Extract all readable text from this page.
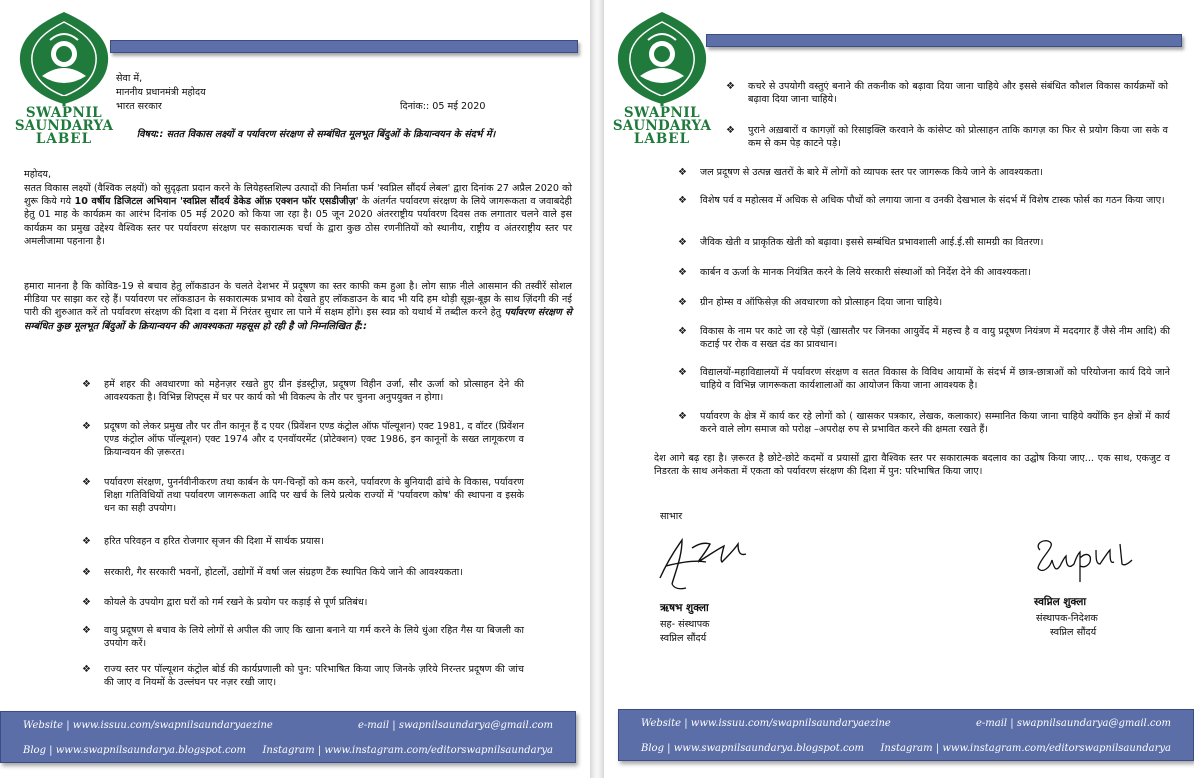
SWAPNIL
SAUNDARYA
LABEL
सेवा में,
माननीय प्रधानमंत्री महोदय
भारत सरकार	दिनांक:: 05 मई 2020
विषय:: सतत विकास लक्ष्यों व पर्यावरण संरक्षण से सम्बंधित मूलभूत बिंदुओं के क्रियान्वयन के संदर्भ में।
महोदय,
सतत विकास लक्ष्यों (वैश्विक लक्ष्यों) को सुदृढ़ता प्रदान करने के लियेहस्तशिल्प उत्पादों की निर्माता फर्म 'स्वप्निल सौंदर्य लेबल' द्वारा दिनांक 27 अप्रैल 2020 को शुरू किये गये 10 वर्षीय डिजिटल अभियान 'स्वप्निल सौंदर्य डेकेड ऑफ़ एक्शन फॉर एसडीजीज़' के अंतर्गत पर्यावरण संरक्षण के लिये जागरूकता व जवाबदेही हेतु 01 माह के कार्यक्रम का आरंभ दिनांक 05 मई 2020 को किया जा रहा है। 05 जून 2020 अंतरराष्ट्रीय पर्यावरण दिवस तक लगातार चलने वाले इस कार्यक्रम का प्रमुख उद्देश्य वैश्विक स्तर पर पर्यावरण संरक्षण पर सकारात्मक चर्चा के द्वारा कुछ ठोस रणनीतियों को स्थानीय, राष्ट्रीय व अंतरराष्ट्रीय स्तर पर अमलीजामा पहनाना है।
हमारा मानना है कि कोविड-19 से बचाव हेतु लॉकडाउन के चलते देशभर में प्रदूषण का स्तर काफी कम हुआ है। लोग साफ़ नीले आसमान की तस्वीरें सोशल मीडिया पर साझा कर रहे हैं। पर्यावरण पर लॉकडाउन के सकारात्मक प्रभाव को देखते हुए लॉकडाउन के बाद भी यदि हम थोड़ी सूझ-बूझ के साथ ज़िंदगी की नई पारी की शुरुआत करें तो पर्यावरण संरक्षण की दिशा व दशा में निरंतर सुधार ला पाने में सक्षम होंगे। इस स्वप्न को यथार्थ में तब्दील करने हेतु पर्यावरण संरक्षण से सम्बंधित कुछ मूलभूत बिंदुओं के क्रियान्वयन की आवश्यकता महसूस हो रही है जो निम्नलिखित हैं::
❖ हमें शहर की अवधारणा को महेनज़र रखते हुए ग्रीन इंडस्ट्रीज़, प्रदूषण विहीन उर्जा, सौर ऊर्जा को प्रोत्साहन देने की आवश्यकता है। विभिन्न शिफ्ट्स में घर पर कार्य को भी विकल्प के तौर पर चुनना अनुपयुक्त न होगा।
❖ प्रदूषण को लेकर प्रमुख तौर पर तीन कानून हैं द एयर (प्रिवेंशन एण्ड कंट्रोल ऑफ पॉल्यूशन) एक्ट 1981, द वॉटर (प्रिवेंशन एण्ड कंट्रोल ऑफ पॉल्यूशन) एक्ट 1974 और द एनवॉयरमेंट (प्रोटेक्शन) एक्ट 1986, इन कानूनों के सख्त लागूकरण व क्रियान्वयन की ज़रूरत।
❖ पर्यावरण संरक्षण, पुनर्नवीनीकरण तथा कार्बन के पग-चिन्हों को कम करने, पर्यावरण के बुनियादी ढांचे के विकास, पर्यावरण शिक्षा गतिविधियों तथा पर्यावरण जागरूकता आदि पर खर्च के लिये प्रत्येक राज्यों में 'पर्यावरण कोष' की स्थापना व इसके धन का सही उपयोग।
❖ हरित परिवहन व हरित रोजगार सृजन की दिशा में सार्थक प्रयास।
❖ सरकारी, गैर सरकारी भवनों, होटलों, उद्योगों में वर्षा जल संग्रहण टैंक स्थापित किये जाने की आवश्यकता।
❖ कोयले के उपयोग द्वारा घरों को गर्म रखने के प्रयोग पर कड़ाई से पूर्ण प्रतिबंध।
❖ वायु प्रदूषण से बचाव के लिये लोगों से अपील की जाए कि खाना बनाने या गर्म करने के लिये धुंआ रहित गैस या बिजली का उपयोग करें।
❖ राज्य स्तर पर पॉल्यूशन कंट्रोल बोर्ड की कार्यप्रणाली को पुन: परिभाषित किया जाए जिनके ज़रिये निरन्तर प्रदूषण की जांच की जाए व नियमों के उल्लंघन पर नज़र रखी जाए।
Website | www.issuu.com/swapnilsaundaryaezine	e-mail | swapnilsaundarya@gmail.com
Blog | www.swapnilsaundarya.blogspot.com Instagram | www.instagram.com/editorswapnilsaundarya
SWAPNIL
SAUNDARYA
LABEL
❖ कचरे से उपयोगी वस्तुएं बनाने की तकनीक को बढ़ावा दिया जाना चाहिये और इससे संबंधित कौशल विकास कार्यक्रमों को बढ़ावा दिया जाना चाहिये।
❖ पुराने अख़बारों व कागज़ों को रिसाइक्लि करवाने के कांसेप्ट को प्रोत्साहन ताकि कागज़ का फिर से प्रयोग किया जा सके व कम से कम पेड़ काटने पड़े।
❖ जल प्रदूषण से उत्पन्न खतरों के बारे में लोगों को व्यापक स्तर पर जागरूक किये जाने के आवश्यकता।
❖ विशेष पर्व व महोत्सव में अधिक से अधिक पौधों को लगाया जाना व उनकी देखभाल के संदर्भ में विशेष टास्क फोर्स का गठन किया जाए।
❖ जैविक खेती व प्राकृतिक खेती को बढ़ावा। इससे सम्बंधित प्रभावशाली आई.ई.सी सामग्री का वितरण।
❖ कार्बन व ऊर्जा के मानक नियंत्रित करने के लिये सरकारी संस्थाओं को निर्देश देने की आवश्यकता।
❖ ग्रीन होम्स व ऑफिसेज़ की अवधारणा को प्रोत्साहन दिया जाना चाहिये।
❖ विकास के नाम पर काटे जा रहे पेड़ों (खासतौर पर जिनका आयुर्वेद में महत्त्व है व वायु प्रदूषण नियंत्रण में मददगार हैं जैसे नीम आदि) की कटाई पर रोक व सख्त दंड का प्रावधान।
❖ विद्यालयों-महाविद्यालयों में पर्यावरण संरक्षण व सतत विकास के विविध आयामों के संदर्भ में छात्र-छात्राओं को परियोजना कार्य दिये जाने चाहिये व विभिन्न जागरूकता कार्यशालाओं का आयोजन किया जाना आवश्यक है।
❖ पर्यावरण के क्षेत्र में कार्य कर रहे लोगों को ( खासकर पत्रकार, लेखक, कलाकार) सम्मानित किया जाना चाहिये क्योंकि इन क्षेत्रों में कार्य करने वाले लोग समाज को परोक्ष –अपरोक्ष रुप से प्रभावित करने की क्षमता रखते हैं।
देश आगे बढ़ रहा है। ज़रूरत है छोटे-छोटे कदमों व प्रयासों द्वारा वैश्विक स्तर पर सकारात्मक बदलाव का उद्घोष किया जाए... एक साथ, एकजुट व निडरता के साथ अनेकता में एकता को पर्यावरण संरक्षण की दिशा में पुन: परिभाषित किया जाए।
साभार
ऋषभ शुक्ला
सह- संस्थापक
स्वप्निल सौंदर्य
स्वप्निल शुक्ला
संस्थापक-निदेशक
स्वप्निल सौंदर्य
Website | www.issuu.com/swapnilsaundaryaezine	e-mail | swapnilsaundarya@gmail.com
Blog | www.swapnilsaundarya.blogspot.com Instagram | www.instagram.com/editorswapnilsaundarya
